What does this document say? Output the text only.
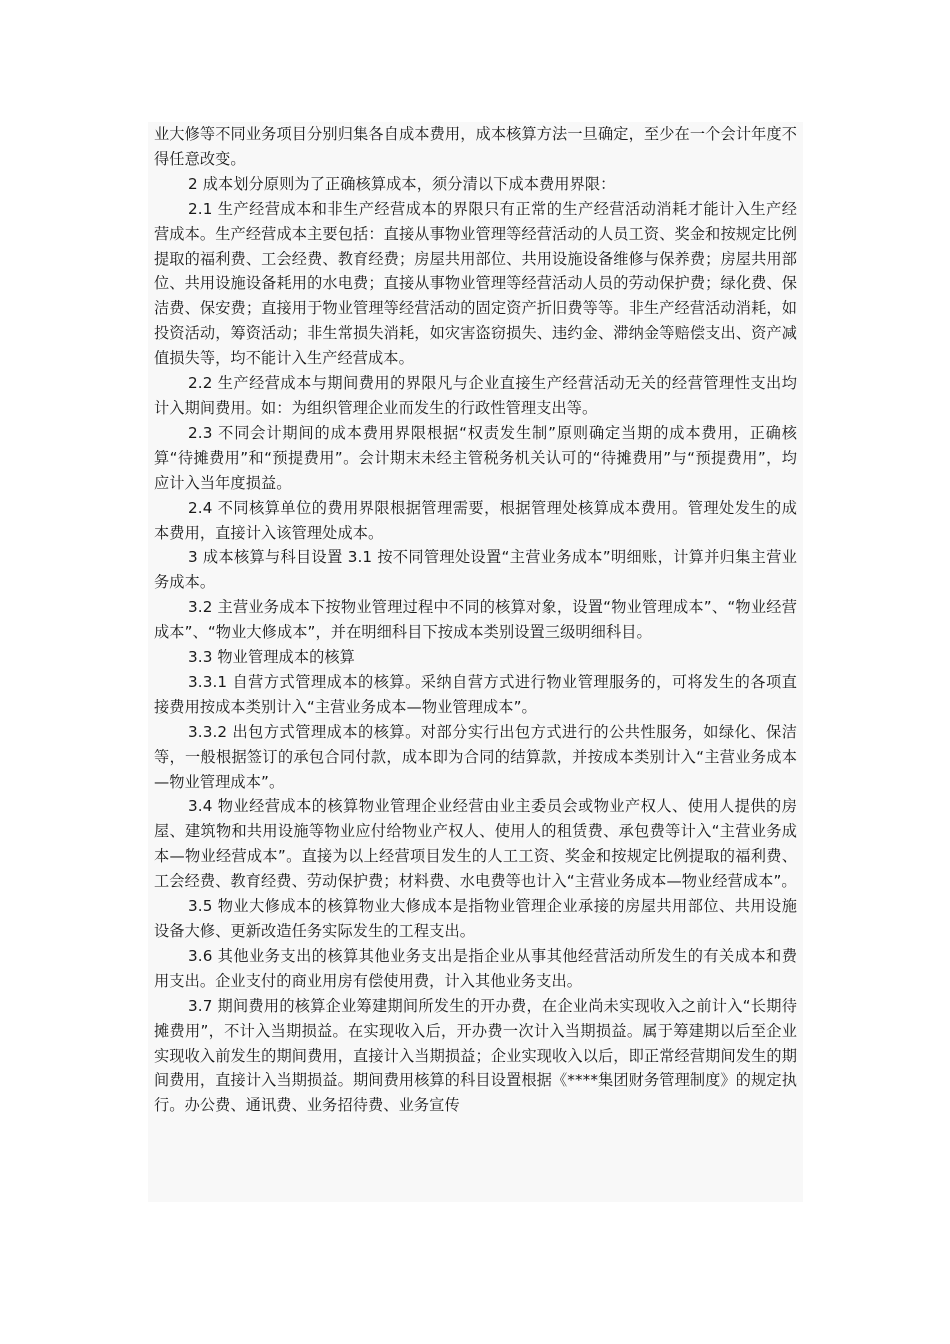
业大修等不同业务项目分别归集各自成本费用，成本核算方法一旦确定，至少在一个会计年度不得任意改变。

2 成本划分原则为了正确核算成本，须分清以下成本费用界限：

2.1 生产经营成本和非生产经营成本的界限只有正常的生产经营活动消耗才能计入生产经营成本。生产经营成本主要包括：直接从事物业管理等经营活动的人员工资、奖金和按规定比例提取的福利费、工会经费、教育经费；房屋共用部位、共用设施设备维修与保养费；房屋共用部位、共用设施设备耗用的水电费；直接从事物业管理等经营活动人员的劳动保护费；绿化费、保洁费、保安费；直接用于物业管理等经营活动的固定资产折旧费等等。非生产经营活动消耗，如投资活动，筹资活动；非生常损失消耗，如灾害盗窃损失、违约金、滞纳金等赔偿支出、资产减值损失等，均不能计入生产经营成本。

2.2 生产经营成本与期间费用的界限凡与企业直接生产经营活动无关的经营管理性支出均计入期间费用。如：为组织管理企业而发生的行政性管理支出等。

2.3 不同会计期间的成本费用界限根据“权责发生制”原则确定当期的成本费用，正确核算“待摊费用”和“预提费用”。会计期末未经主管税务机关认可的“待摊费用”与“预提费用”，均应计入当年度损益。

2.4 不同核算单位的费用界限根据管理需要，根据管理处核算成本费用。管理处发生的成本费用，直接计入该管理处成本。

3 成本核算与科目设置 3.1 按不同管理处设置“主营业务成本”明细账，计算并归集主营业务成本。

3.2 主营业务成本下按物业管理过程中不同的核算对象，设置“物业管理成本”、“物业经营成本”、“物业大修成本”，并在明细科目下按成本类别设置三级明细科目。

3.3 物业管理成本的核算

3.3.1 自营方式管理成本的核算。采纳自营方式进行物业管理服务的，可将发生的各项直接费用按成本类别计入“主营业务成本—物业管理成本”。

3.3.2 出包方式管理成本的核算。对部分实行出包方式进行的公共性服务，如绿化、保洁等，一般根据签订的承包合同付款，成本即为合同的结算款，并按成本类别计入“主营业务成本—物业管理成本”。

3.4 物业经营成本的核算物业管理企业经营由业主委员会或物业产权人、使用人提供的房屋、建筑物和共用设施等物业应付给物业产权人、使用人的租赁费、承包费等计入“主营业务成本—物业经营成本”。直接为以上经营项目发生的人工工资、奖金和按规定比例提取的福利费、工会经费、教育经费、劳动保护费；材料费、水电费等也计入“主营业务成本—物业经营成本”。

3.5 物业大修成本的核算物业大修成本是指物业管理企业承接的房屋共用部位、共用设施设备大修、更新改造任务实际发生的工程支出。

3.6 其他业务支出的核算其他业务支出是指企业从事其他经营活动所发生的有关成本和费用支出。企业支付的商业用房有偿使用费，计入其他业务支出。

3.7 期间费用的核算企业筹建期间所发生的开办费，在企业尚未实现收入之前计入“长期待摊费用”，不计入当期损益。在实现收入后，开办费一次计入当期损益。属于筹建期以后至企业实现收入前发生的期间费用，直接计入当期损益；企业实现收入以后，即正常经营期间发生的期间费用，直接计入当期损益。期间费用核算的科目设置根据《****集团财务管理制度》的规定执行。办公费、通讯费、业务招待费、业务宣传
